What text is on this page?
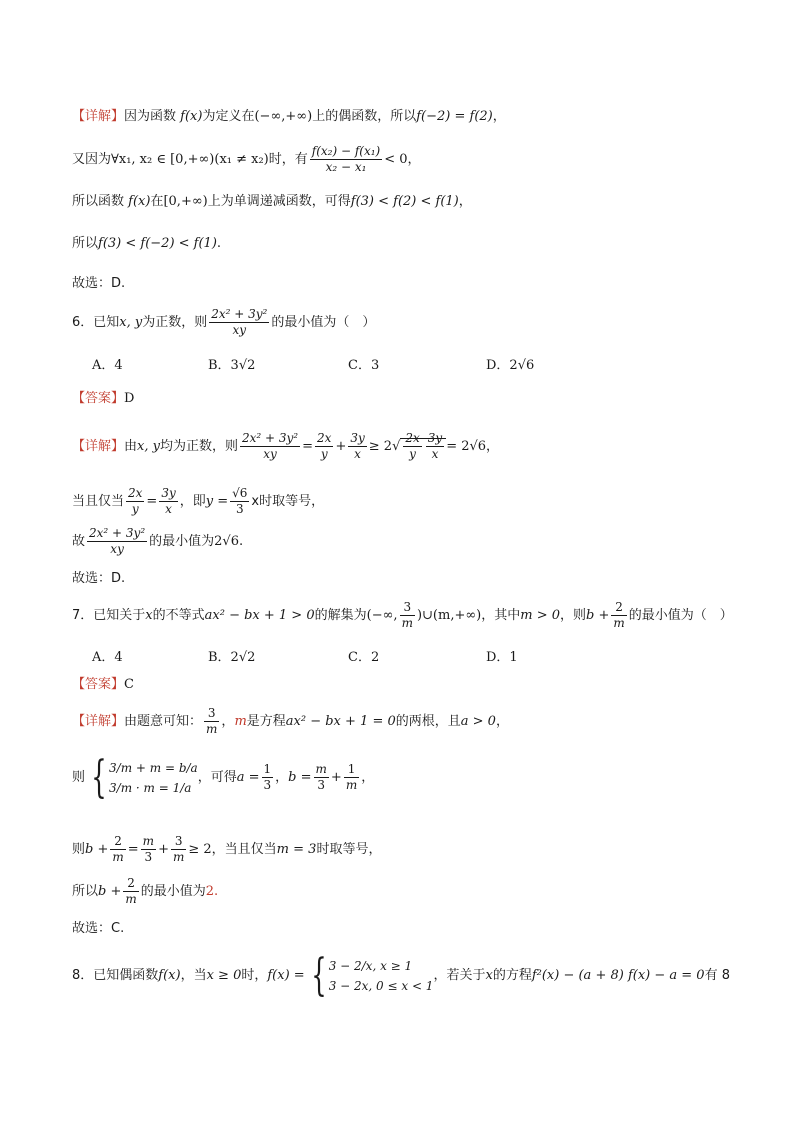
【详解】因为函数 f(x)为定义在(−∞,+∞)上的偶函数，所以f(−2) = f(2)，
又因为∀x₁, x₂ ∈ [0,+∞)(x₁ ≠ x₂)时，有 $\frac{\text{f(x₂) − f(x₁)}}{\text{x₂ − x₁}} < 0$，
所以函数 f(x)在[0,+∞)上为单调递减函数，可得f(3) < f(2) < f(1)，
所以f(3) < f(−2) < f(1).
故选：D.
6．已知x, y为正数，则 $\frac{\text{2x² + 3y²}}{xy}$ 的最小值为（　）
A．4	B．3√2	C．3	D．2√6
【答案】D
【详解】由x, y均为正数，则 $\frac{\text{2x² + 3y²}}{xy} = \frac{2x}{y} + \frac{3y}{x} \ge 2√ \frac{2x}{y} \frac{3y}{x} = 2√6$，
当且仅当 $\frac{2x}{y} = \frac{3y}{x}$ ，即$y = \frac{√6}{3}$ x时取等号，
故 $\frac{\text{2x² + 3y²}}{xy}$ 的最小值为2√6.
故选：D.
7．已知关于x的不等式ax² − bx + 1 > 0的解集为(−∞, $\frac{3}{m}$ )∪(m,+∞)，其中m > 0，则$b + \frac{2}{m}$ 的最小值为（　）
A．4	B．2√2	C．2	D．1
【答案】C
【详解】由题意可知： $\frac{3}{m}$ ，m是方程ax² − bx + 1 = 0的两根，且a > 0，
则 { 3/m + m = b/a
3/m · m = 1/a
，可得$a = \frac{1}{3}$ ，$b = \frac{m}{3} + \frac{1}{m}$ ，
则$b + \frac{2}{m} = \frac{m}{3} + \frac{3}{m} \ge 2$，当且仅当m = 3时取等号，
所以$b + \frac{2}{m}$ 的最小值为2.
故选：C.
8．已知偶函数f(x)，当x ≥ 0时，f(x) = { 3 − 2/x, x ≥ 1
3 − 2x, 0 ≤ x < 1
，若关于x的方程f²(x) − (a + 8) f(x) − a = 0有 8
